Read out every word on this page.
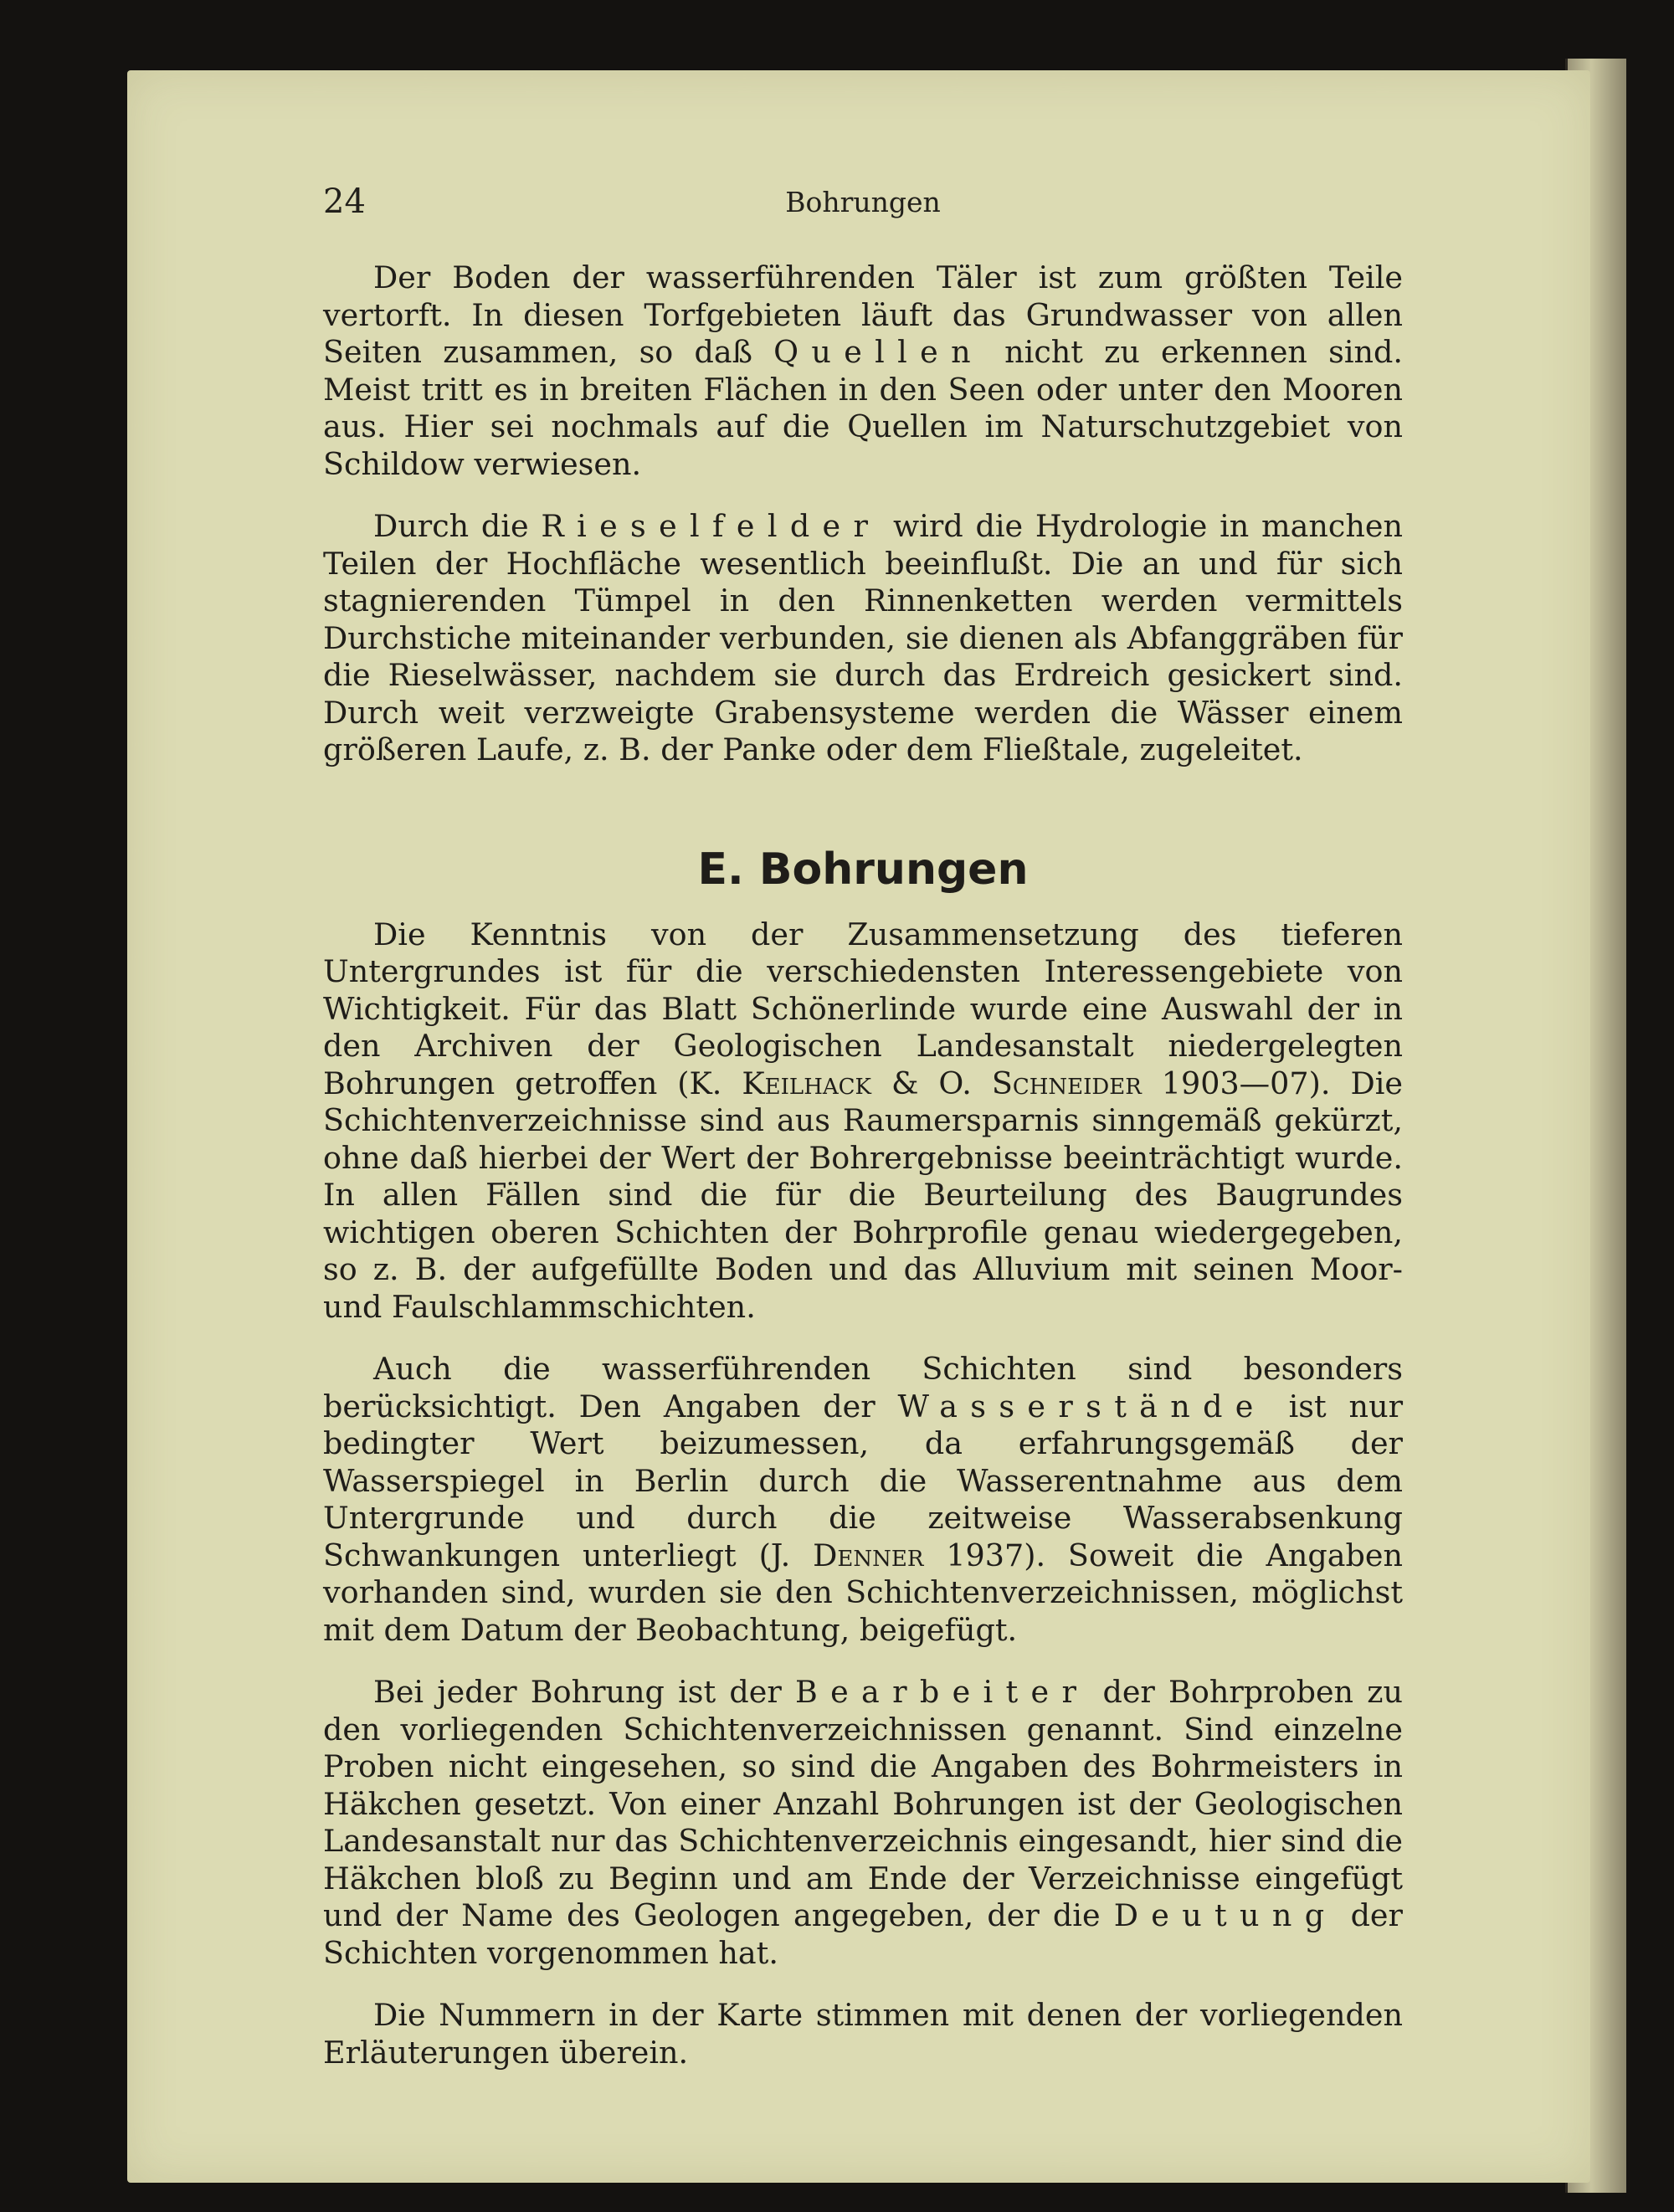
24	Bohrungen

Der Boden der wasserführenden Täler ist zum größten Teile vertorft. In diesen Torfgebieten läuft das Grundwasser von allen Seiten zusammen, so daß Quellen nicht zu erkennen sind. Meist tritt es in breiten Flächen in den Seen oder unter den Mooren aus. Hier sei nochmals auf die Quellen im Naturschutzgebiet von Schildow verwiesen.

Durch die Rieselfelder wird die Hydrologie in manchen Teilen der Hochfläche wesentlich beeinflußt. Die an und für sich stagnierenden Tümpel in den Rinnenketten werden vermittels Durchstiche miteinander verbunden, sie dienen als Abfanggräben für die Rieselwässer, nachdem sie durch das Erdreich gesickert sind. Durch weit verzweigte Grabensysteme werden die Wässer einem größeren Laufe, z. B. der Panke oder dem Fließtale, zugeleitet.

E. Bohrungen

Die Kenntnis von der Zusammensetzung des tieferen Untergrundes ist für die verschiedensten Interessengebiete von Wichtigkeit. Für das Blatt Schönerlinde wurde eine Auswahl der in den Archiven der Geologischen Landesanstalt niedergelegten Bohrungen getroffen (K. Keilhack & O. Schneider 1903—07). Die Schichtenverzeichnisse sind aus Raumersparnis sinngemäß gekürzt, ohne daß hierbei der Wert der Bohrergebnisse beeinträchtigt wurde. In allen Fällen sind die für die Beurteilung des Baugrundes wichtigen oberen Schichten der Bohrprofile genau wiedergegeben, so z. B. der aufgefüllte Boden und das Alluvium mit seinen Moor- und Faulschlammschichten.

Auch die wasserführenden Schichten sind besonders berücksichtigt. Den Angaben der Wasserstände ist nur bedingter Wert beizumessen, da erfahrungsgemäß der Wasserspiegel in Berlin durch die Wasserentnahme aus dem Untergrunde und durch die zeitweise Wasserabsenkung Schwankungen unterliegt (J. Denner 1937). Soweit die Angaben vorhanden sind, wurden sie den Schichtenverzeichnissen, möglichst mit dem Datum der Beobachtung, beigefügt.

Bei jeder Bohrung ist der Bearbeiter der Bohrproben zu den vorliegenden Schichtenverzeichnissen genannt. Sind einzelne Proben nicht eingesehen, so sind die Angaben des Bohrmeisters in Häkchen gesetzt. Von einer Anzahl Bohrungen ist der Geologischen Landesanstalt nur das Schichtenverzeichnis eingesandt, hier sind die Häkchen bloß zu Beginn und am Ende der Verzeichnisse eingefügt und der Name des Geologen angegeben, der die Deutung der Schichten vorgenommen hat.

Die Nummern in der Karte stimmen mit denen der vorliegenden Erläuterungen überein.
